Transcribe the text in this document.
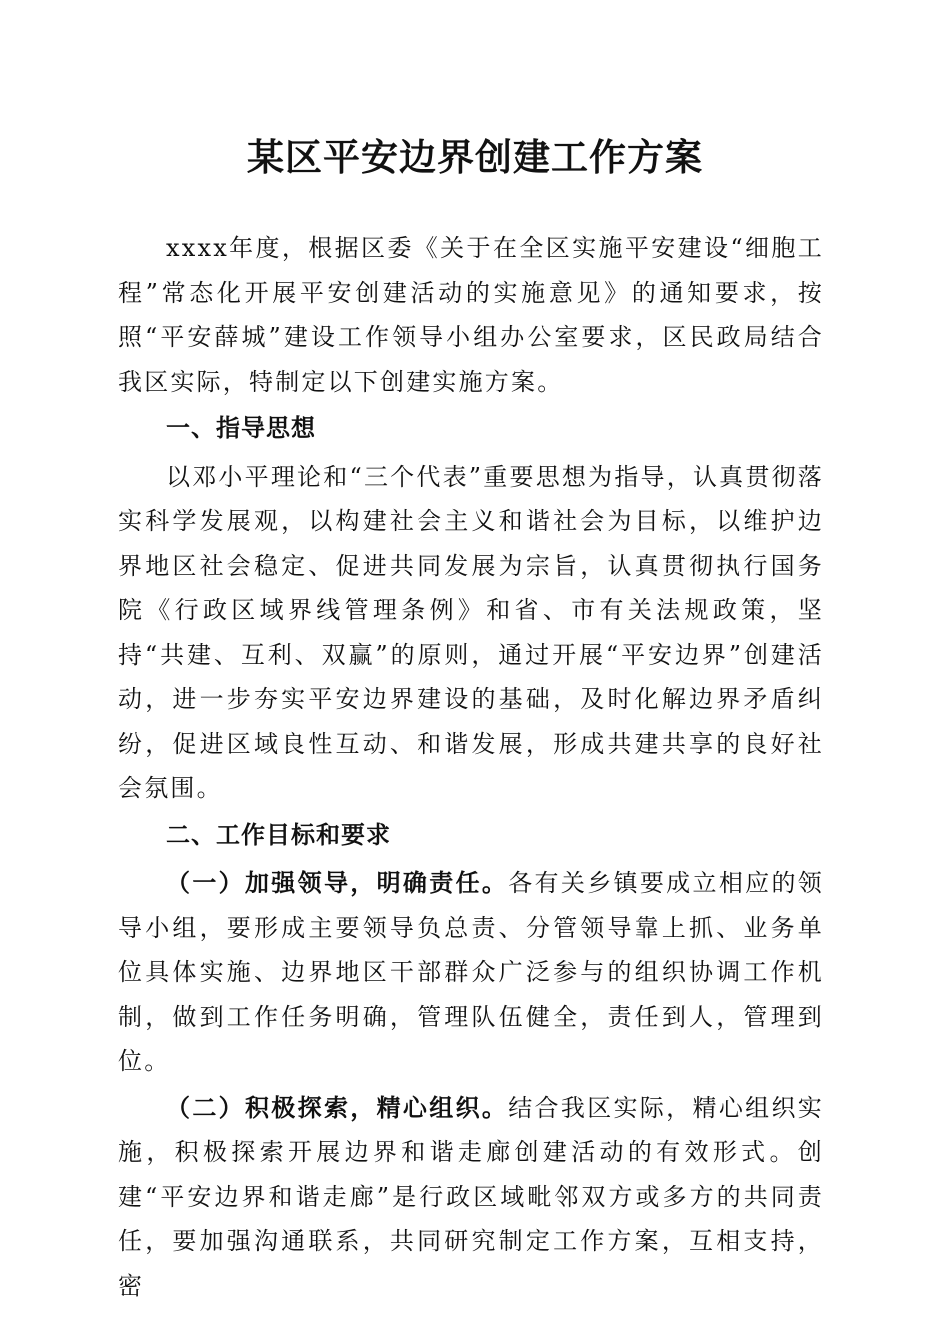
某区平安边界创建工作方案

xxxx年度，根据区委《关于在全区实施平安建设“细胞工程”常态化开展平安创建活动的实施意见》的通知要求，按照“平安薛城”建设工作领导小组办公室要求，区民政局结合我区实际，特制定以下创建实施方案。

一、指导思想

以邓小平理论和“三个代表”重要思想为指导，认真贯彻落实科学发展观，以构建社会主义和谐社会为目标，以维护边界地区社会稳定、促进共同发展为宗旨，认真贯彻执行国务院《行政区域界线管理条例》和省、市有关法规政策，坚持“共建、互利、双赢”的原则，通过开展“平安边界”创建活动，进一步夯实平安边界建设的基础，及时化解边界矛盾纠纷，促进区域良性互动、和谐发展，形成共建共享的良好社会氛围。

二、工作目标和要求

（一）加强领导，明确责任。各有关乡镇要成立相应的领导小组，要形成主要领导负总责、分管领导靠上抓、业务单位具体实施、边界地区干部群众广泛参与的组织协调工作机制，做到工作任务明确，管理队伍健全，责任到人，管理到位。

（二）积极探索，精心组织。结合我区实际，精心组织实施，积极探索开展边界和谐走廊创建活动的有效形式。创建“平安边界和谐走廊”是行政区域毗邻双方或多方的共同责任，要加强沟通联系，共同研究制定工作方案，互相支持，密
